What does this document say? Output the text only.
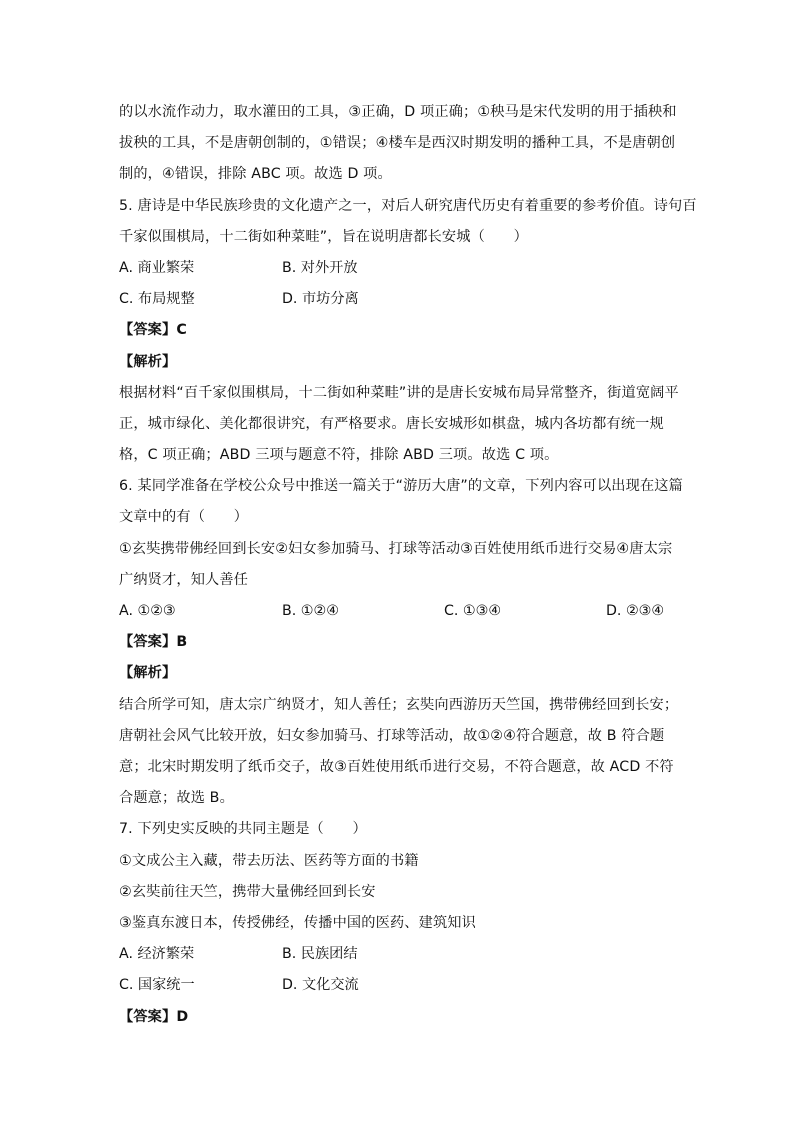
的以水流作动力，取水灌田的工具，③正确，D 项正确；①秧马是宋代发明的用于插秧和
拔秧的工具，不是唐朝创制的，①错误；④楼车是西汉时期发明的播种工具，不是唐朝创
制的，④错误，排除 ABC 项。故选 D 项。
5. 唐诗是中华民族珍贵的文化遗产之一，对后人研究唐代历史有着重要的参考价值。诗句百
千家似围棋局，十二街如种菜畦”，旨在说明唐都长安城（　　）
A. 商业繁荣	B. 对外开放
C. 布局规整	D. 市坊分离
【答案】C
【解析】
根据材料“百千家似围棋局，十二街如种菜畦”讲的是唐长安城布局异常整齐，街道宽阔平
正，城市绿化、美化都很讲究，有严格要求。唐长安城形如棋盘，城内各坊都有统一规
格，C 项正确；ABD 三项与题意不符，排除 ABD 三项。故选 C 项。
6. 某同学准备在学校公众号中推送一篇关于“游历大唐”的文章，下列内容可以出现在这篇
文章中的有（　　）
①玄奘携带佛经回到长安②妇女参加骑马、打球等活动③百姓使用纸币进行交易④唐太宗
广纳贤才，知人善任
A. ①②③	B. ①②④	C. ①③④	D. ②③④
【答案】B
【解析】
结合所学可知，唐太宗广纳贤才，知人善任；玄奘向西游历天竺国，携带佛经回到长安；
唐朝社会风气比较开放，妇女参加骑马、打球等活动，故①②④符合题意，故 B 符合题
意；北宋时期发明了纸币交子，故③百姓使用纸币进行交易，不符合题意，故 ACD 不符
合题意；故选 B。
7. 下列史实反映的共同主题是（　　）
①文成公主入藏，带去历法、医药等方面的书籍
②玄奘前往天竺，携带大量佛经回到长安
③鉴真东渡日本，传授佛经，传播中国的医药、建筑知识
A. 经济繁荣	B. 民族团结
C. 国家统一	D. 文化交流
【答案】D
